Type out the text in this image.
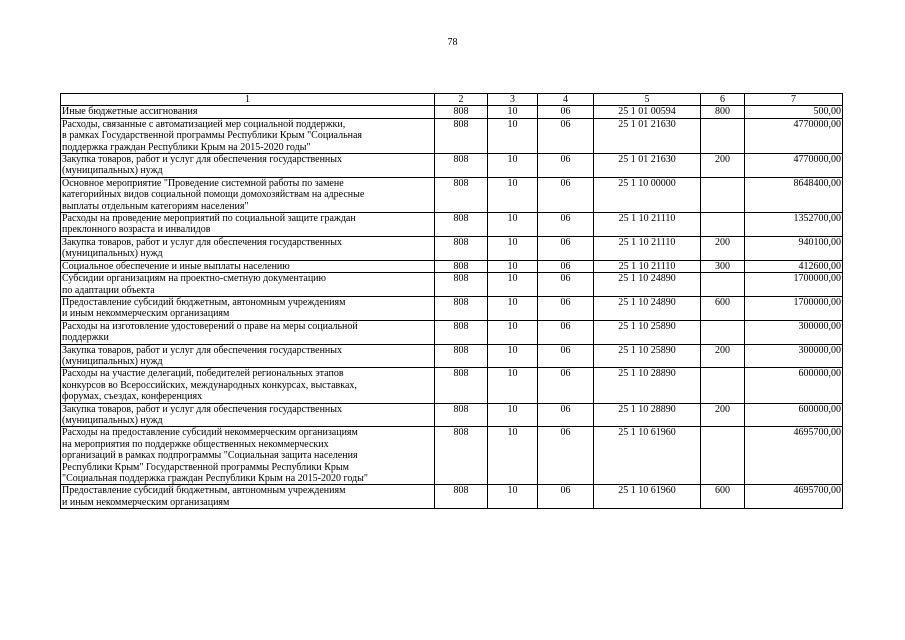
78
1	2	3	4	5	6	7
Иные бюджетные ассигнования	808	10	06	25 1 01 00594	800	500,00
Расходы, связанные с автоматизацией мер социальной поддержки,
в рамках Государственной программы Республики Крым "Социальная
поддержка граждан Республики Крым на 2015-2020 годы"	808	10	06	25 1 01 21630		4770000,00
Закупка товаров, работ и услуг для обеспечения государственных
(муниципальных) нужд	808	10	06	25 1 01 21630	200	4770000,00
Основное мероприятие "Проведение системной работы по замене
категорийных видов социальной помощи домохозяйствам на адресные
выплаты отдельным категориям населения"	808	10	06	25 1 10 00000		8648400,00
Расходы на проведение мероприятий по социальной защите граждан
преклонного возраста и инвалидов	808	10	06	25 1 10 21110		1352700,00
Закупка товаров, работ и услуг для обеспечения государственных
(муниципальных) нужд	808	10	06	25 1 10 21110	200	940100,00
Социальное обеспечение и иные выплаты населению	808	10	06	25 1 10 21110	300	412600,00
Субсидии организациям на проектно-сметную документацию
по адаптации объекта	808	10	06	25 1 10 24890		1700000,00
Предоставление субсидий бюджетным, автономным учреждениям
и иным некоммерческим организациям	808	10	06	25 1 10 24890	600	1700000,00
Расходы на изготовление удостоверений о праве на меры социальной
поддержки	808	10	06	25 1 10 25890		300000,00
Закупка товаров, работ и услуг для обеспечения государственных
(муниципальных) нужд	808	10	06	25 1 10 25890	200	300000,00
Расходы на участие делегаций, победителей региональных этапов
конкурсов во Всероссийских, международных конкурсах, выставках,
форумах, съездах, конференциях	808	10	06	25 1 10 28890		600000,00
Закупка товаров, работ и услуг для обеспечения государственных
(муниципальных) нужд	808	10	06	25 1 10 28890	200	600000,00
Расходы на предоставление субсидий некоммерческим организациям
на мероприятия по поддержке общественных некоммерческих
организаций в рамках подпрограммы "Социальная защита населения
Республики Крым" Государственной программы Республики Крым
"Социальная поддержка граждан Республики Крым на 2015-2020 годы"	808	10	06	25 1 10 61960		4695700,00
Предоставление субсидий бюджетным, автономным учреждениям
и иным некоммерческим организациям	808	10	06	25 1 10 61960	600	4695700,00
